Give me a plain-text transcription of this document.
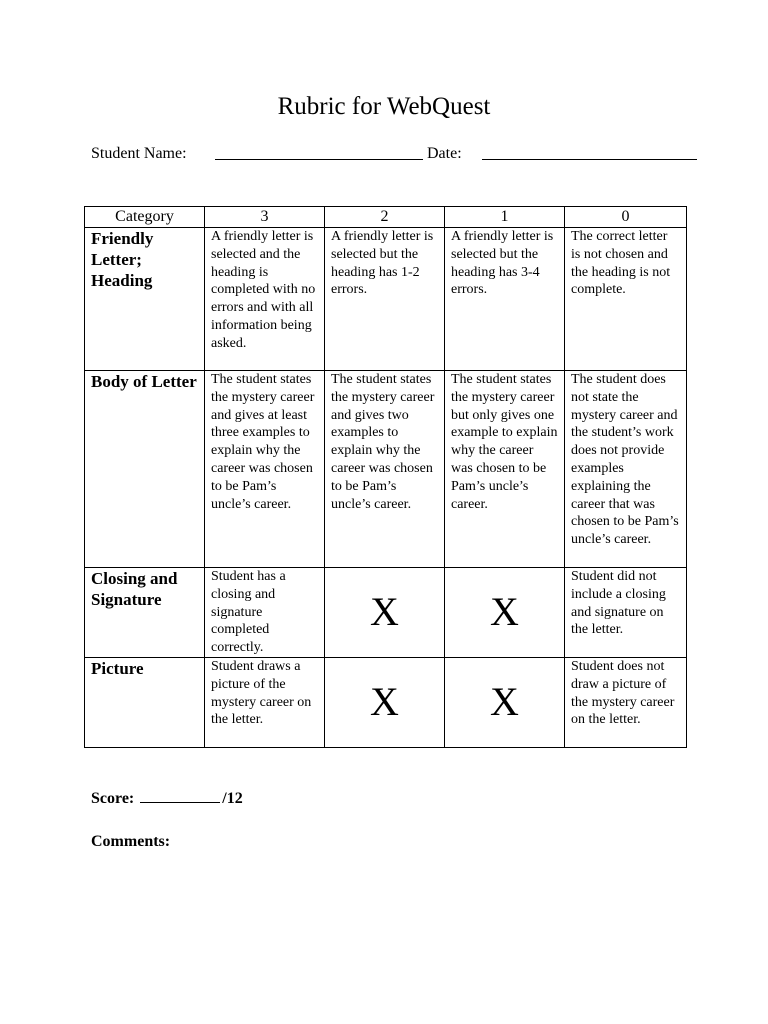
Rubric for WebQuest
Student Name:	Date:
Category	3	2	1	0
Friendly Letter; Heading	A friendly letter is selected and the heading is completed with no errors and with all information being asked.	A friendly letter is selected but the heading has 1-2 errors.	A friendly letter is selected but the heading has 3-4 errors.	The correct letter is not chosen and the heading is not complete.
Body of Letter	The student states the mystery career and gives at least three examples to explain why the career was chosen to be Pam’s uncle’s career.	The student states the mystery career and gives two examples to explain why the career was chosen to be Pam’s uncle’s career.	The student states the mystery career but only gives one example to explain why the career was chosen to be Pam’s uncle’s career.	The student does not state the mystery career and the student’s work does not provide examples explaining the career that was chosen to be Pam’s uncle’s career.
Closing and Signature	Student has a closing and signature completed correctly.	X	X	Student did not include a closing and signature on the letter.
Picture	Student draws a picture of the mystery career on the letter.	X	X	Student does not draw a picture of the mystery career on the letter.
Score:	/12
Comments:
